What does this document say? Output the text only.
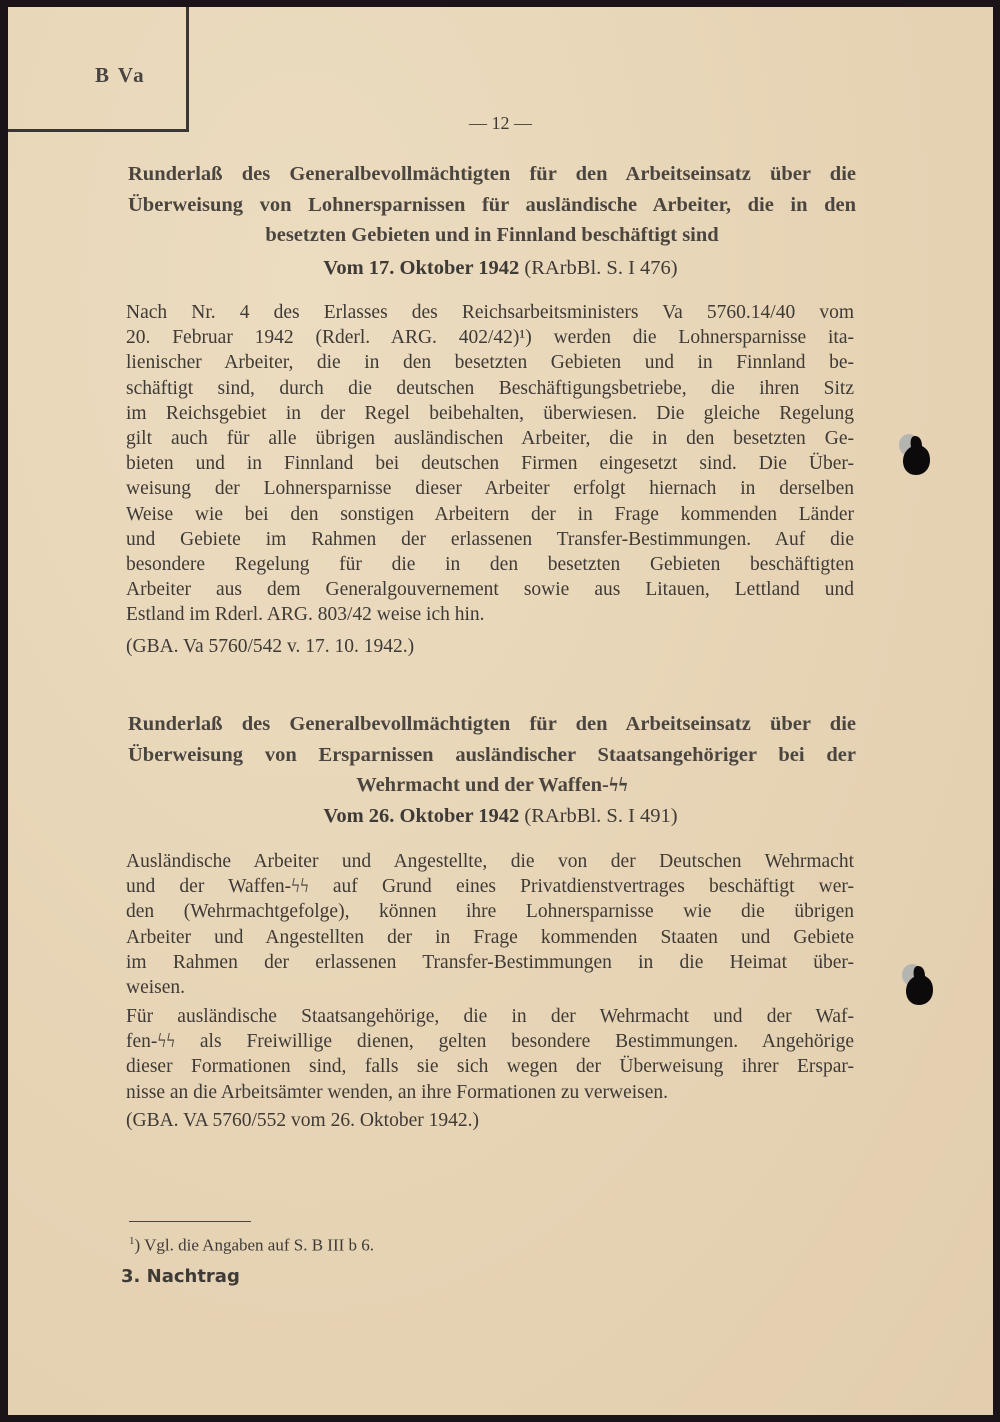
B Va
— 12 —
Runderlaß des Generalbevollmächtigten für den Arbeitseinsatz über die
Überweisung von Lohnersparnissen für ausländische Arbeiter, die in den
besetzten Gebieten und in Finnland beschäftigt sind
Vom 17. Oktober 1942 (RArbBl. S. I 476)
Nach Nr. 4 des Erlasses des Reichsarbeitsministers Va 5760.14/40 vom
20. Februar 1942 (Rderl. ARG. 402/42)¹) werden die Lohnersparnisse ita-
lienischer Arbeiter, die in den besetzten Gebieten und in Finnland be-
schäftigt sind, durch die deutschen Beschäftigungsbetriebe, die ihren Sitz
im Reichsgebiet in der Regel beibehalten, überwiesen. Die gleiche Regelung
gilt auch für alle übrigen ausländischen Arbeiter, die in den besetzten Ge-
bieten und in Finnland bei deutschen Firmen eingesetzt sind. Die Über-
weisung der Lohnersparnisse dieser Arbeiter erfolgt hiernach in derselben
Weise wie bei den sonstigen Arbeitern der in Frage kommenden Länder
und Gebiete im Rahmen der erlassenen Transfer-Bestimmungen. Auf die
besondere Regelung für die in den besetzten Gebieten beschäftigten
Arbeiter aus dem Generalgouvernement sowie aus Litauen, Lettland und
Estland im Rderl. ARG. 803/42 weise ich hin.
(GBA. Va 5760/542 v. 17. 10. 1942.)
Runderlaß des Generalbevollmächtigten für den Arbeitseinsatz über die
Überweisung von Ersparnissen ausländischer Staatsangehöriger bei der
Wehrmacht und der Waffen-ϟϟ
Vom 26. Oktober 1942 (RArbBl. S. I 491)
Ausländische Arbeiter und Angestellte, die von der Deutschen Wehrmacht
und der Waffen-ϟϟ auf Grund eines Privatdienstvertrages beschäftigt wer-
den (Wehrmachtgefolge), können ihre Lohnersparnisse wie die übrigen
Arbeiter und Angestellten der in Frage kommenden Staaten und Gebiete
im Rahmen der erlassenen Transfer-Bestimmungen in die Heimat über-
weisen.
Für ausländische Staatsangehörige, die in der Wehrmacht und der Waf-
fen-ϟϟ als Freiwillige dienen, gelten besondere Bestimmungen. Angehörige
dieser Formationen sind, falls sie sich wegen der Überweisung ihrer Erspar-
nisse an die Arbeitsämter wenden, an ihre Formationen zu verweisen.
(GBA. VA 5760/552 vom 26. Oktober 1942.)
$^1$) Vgl. die Angaben auf S. B III b 6.
3. Nachtrag
